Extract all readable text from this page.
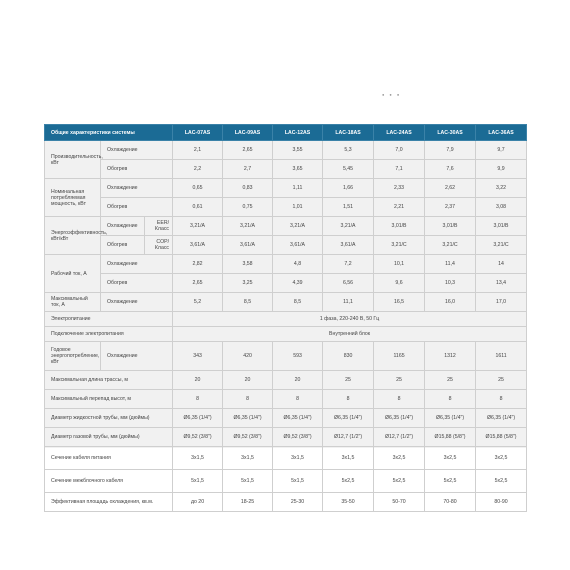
●●●
Общие характеристики системы			LAC-07AS	LAC-09AS	LAC-12AS	LAC-18AS	LAC-24AS	LAC-30AS	LAC-36AS
Производительность, кВт	Охлаждение		2,1	2,65	3,55	5,3	7,0	7,9	9,7
	Обогрев		2,2	2,7	3,65	5,45	7,1	7,6	9,9
Номинальная потребляемая мощность, кВт	Охлаждение		0,65	0,83	1,11	1,66	2,33	2,62	3,22
	Обогрев		0,61	0,75	1,01	1,51	2,21	2,37	3,08
Энергоэффективность, кВт/кВт	Охлаждение	EER/ Класс	3,21/A	3,21/A	3,21/A	3,21/A	3,01/B	3,01/B	3,01/B
	Обогрев	COP/ Класс	3,61/A	3,61/A	3,61/A	3,61/A	3,21/C	3,21/C	3,21/C
Рабочий ток, А	Охлаждение		2,82	3,58	4,8	7,2	10,1	11,4	14
	Обогрев		2,65	3,25	4,39	6,56	9,6	10,3	13,4
Максимальный ток, А	Охлаждение		5,2	8,5	8,5	11,1	16,5	16,0	17,0
Электропитание			1 фаза, 220-240 В, 50 Гц						
Подключение электропитания			Внутренний блок						
Годовое энергопотребление, кВт	Охлаждение		343	420	593	830	1165	1312	1611
Максимальная длина трассы, м			20	20	20	25	25	25	25
Максимальный перепад высот, м			8	8	8	8	8	8	8
Диаметр жидкостной трубы, мм (дюймы)			Ø6,35 (1/4")	Ø6,35 (1/4")	Ø6,35 (1/4")	Ø6,35 (1/4")	Ø6,35 (1/4")	Ø6,35 (1/4")	Ø6,35 (1/4")
Диаметр газовой трубы, мм (дюймы)			Ø9,52 (3/8")	Ø9,52 (3/8")	Ø9,52 (3/8")	Ø12,7 (1/2")	Ø12,7 (1/2")	Ø15,88 (5/8")	Ø15,88 (5/8")
Сечение кабеля питания			3x1,5	3x1,5	3x1,5	3x1,5	3x2,5	3x2,5	3x2,5
Сечение межблочного кабеля			5x1,5	5x1,5	5x1,5	5x2,5	5x2,5	5x2,5	5x2,5
Эффективная площадь охлаждения, кв.м.			до 20	18-25	25-30	35-50	50-70	70-80	80-90
